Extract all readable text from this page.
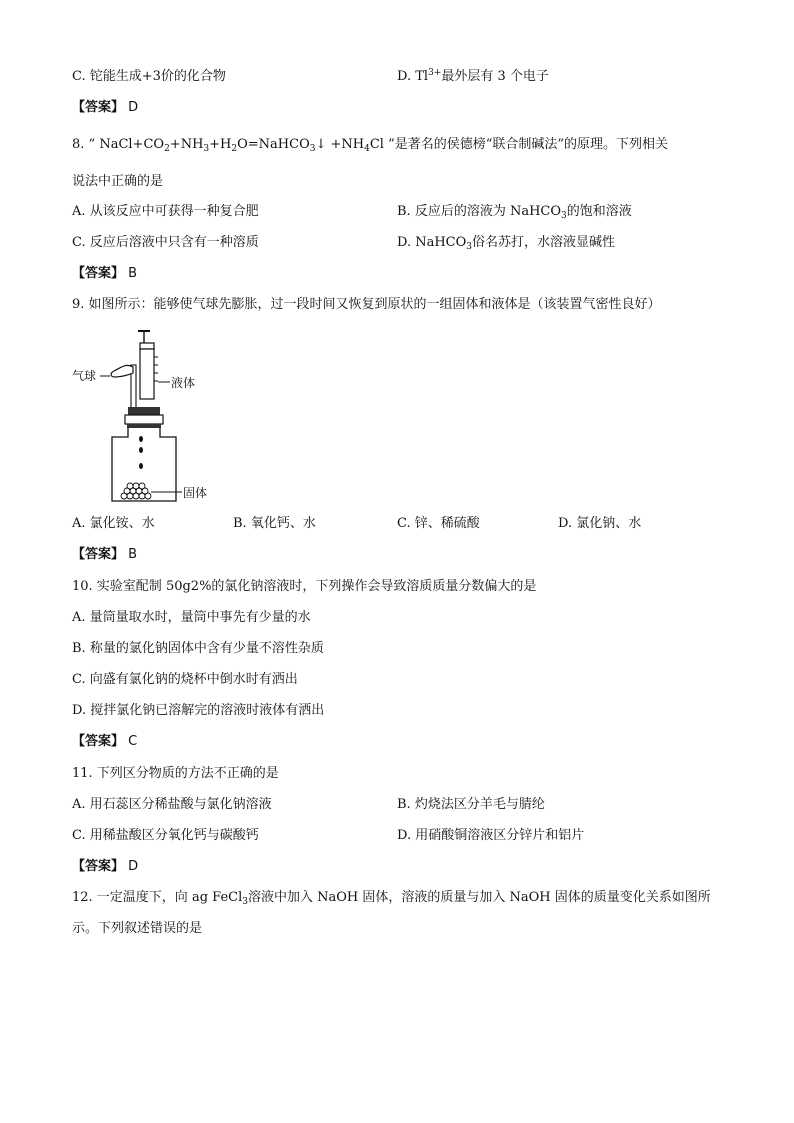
C. 铊能生成+3价的化合物	D. $Tl^{3+}$最外层有 3 个电子
【答案】 D
8. “ $NaCl+CO_2+NH_3+H_2O=NaHCO_3↓ +NH_4Cl$ ”是著名的侯德榜“联合制碱法”的原理。下列相关
说法中正确的是
A. 从该反应中可获得一种复合肥	B. 反应后的溶液为 NaHCO$_3$的饱和溶液
C. 反应后溶液中只含有一种溶质	D. NaHCO$_3$俗名苏打，水溶液显碱性
【答案】 B
9. 如图所示：能够使气球先膨胀，过一段时间又恢复到原状的一组固体和液体是（该装置气密性良好）
气球	液体
固体
A. 氯化铵、水	B. 氧化钙、水	C. 锌、稀硫酸	D. 氯化钠、水
【答案】 B
10. 实验室配制 50g2%的氯化钠溶液时，下列操作会导致溶质质量分数偏大的是
A. 量筒量取水时，量筒中事先有少量的水
B. 称量的氯化钠固体中含有少量不溶性杂质
C. 向盛有氯化钠的烧杯中倒水时有洒出
D. 搅拌氯化钠已溶解完的溶液时液体有洒出
【答案】 C
11. 下列区分物质的方法不正确的是
A. 用石蕊区分稀盐酸与氯化钠溶液	B. 灼烧法区分羊毛与腈纶
C. 用稀盐酸区分氧化钙与碳酸钙	D. 用硝酸铜溶液区分锌片和铝片
【答案】 D
12. 一定温度下，向 ag FeCl$_3$溶液中加入 NaOH 固体，溶液的质量与加入 NaOH 固体的质量变化关系如图所
示。下列叙述错误的是
